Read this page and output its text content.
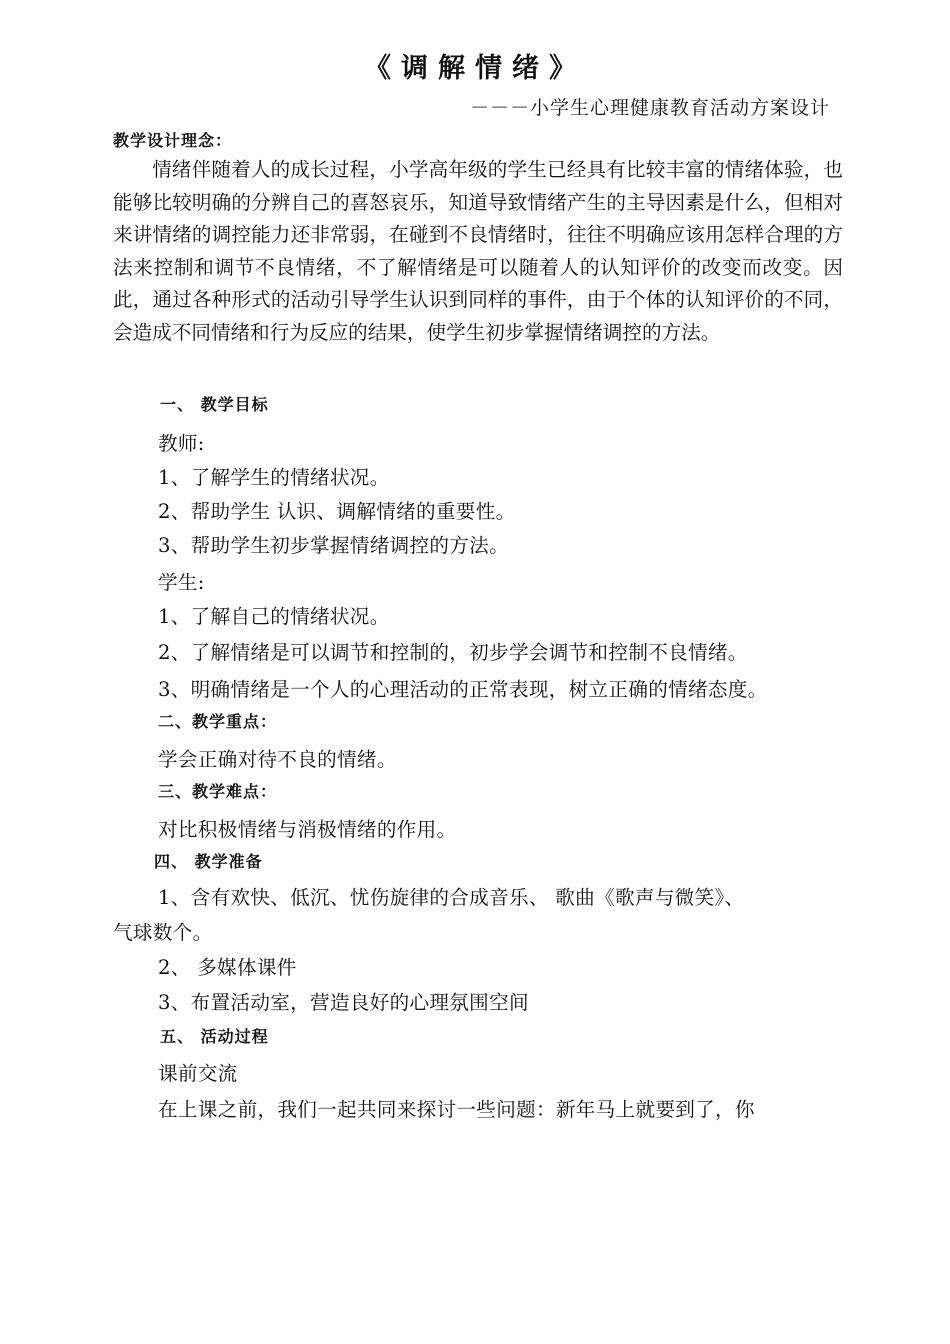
《调解情绪》
－－－小学生心理健康教育活动方案设计
教学设计理念：

情绪伴随着人的成长过程，小学高年级的学生已经具有比较丰富的情绪体验，也能够比较明确的分辨自己的喜怒哀乐，知道导致情绪产生的主导因素是什么，但相对来讲情绪的调控能力还非常弱，在碰到不良情绪时，往往不明确应该用怎样合理的方法来控制和调节不良情绪，不了解情绪是可以随着人的认知评价的改变而改变。因此，通过各种形式的活动引导学生认识到同样的事件，由于个体的认知评价的不同，会造成不同情绪和行为反应的结果，使学生初步掌握情绪调控的方法。

一、 教学目标
教师:
1、了解学生的情绪状况。
2、帮助学生 认识、调解情绪的重要性。
3、帮助学生初步掌握情绪调控的方法。
学生:
1、了解自己的情绪状况。
2、了解情绪是可以调节和控制的，初步学会调节和控制不良情绪。
3、明确情绪是一个人的心理活动的正常表现，树立正确的情绪态度。
二、教学重点：
学会正确对待不良的情绪。
三、教学难点：
对比积极情绪与消极情绪的作用。
四、 教学准备
1、含有欢快、低沉、忧伤旋律的合成音乐、 歌曲《歌声与微笑》、
气球数个。
2、 多媒体课件
3、布置活动室，营造良好的心理氛围空间
五、 活动过程
课前交流
在上课之前，我们一起共同来探讨一些问题：新年马上就要到了，你
